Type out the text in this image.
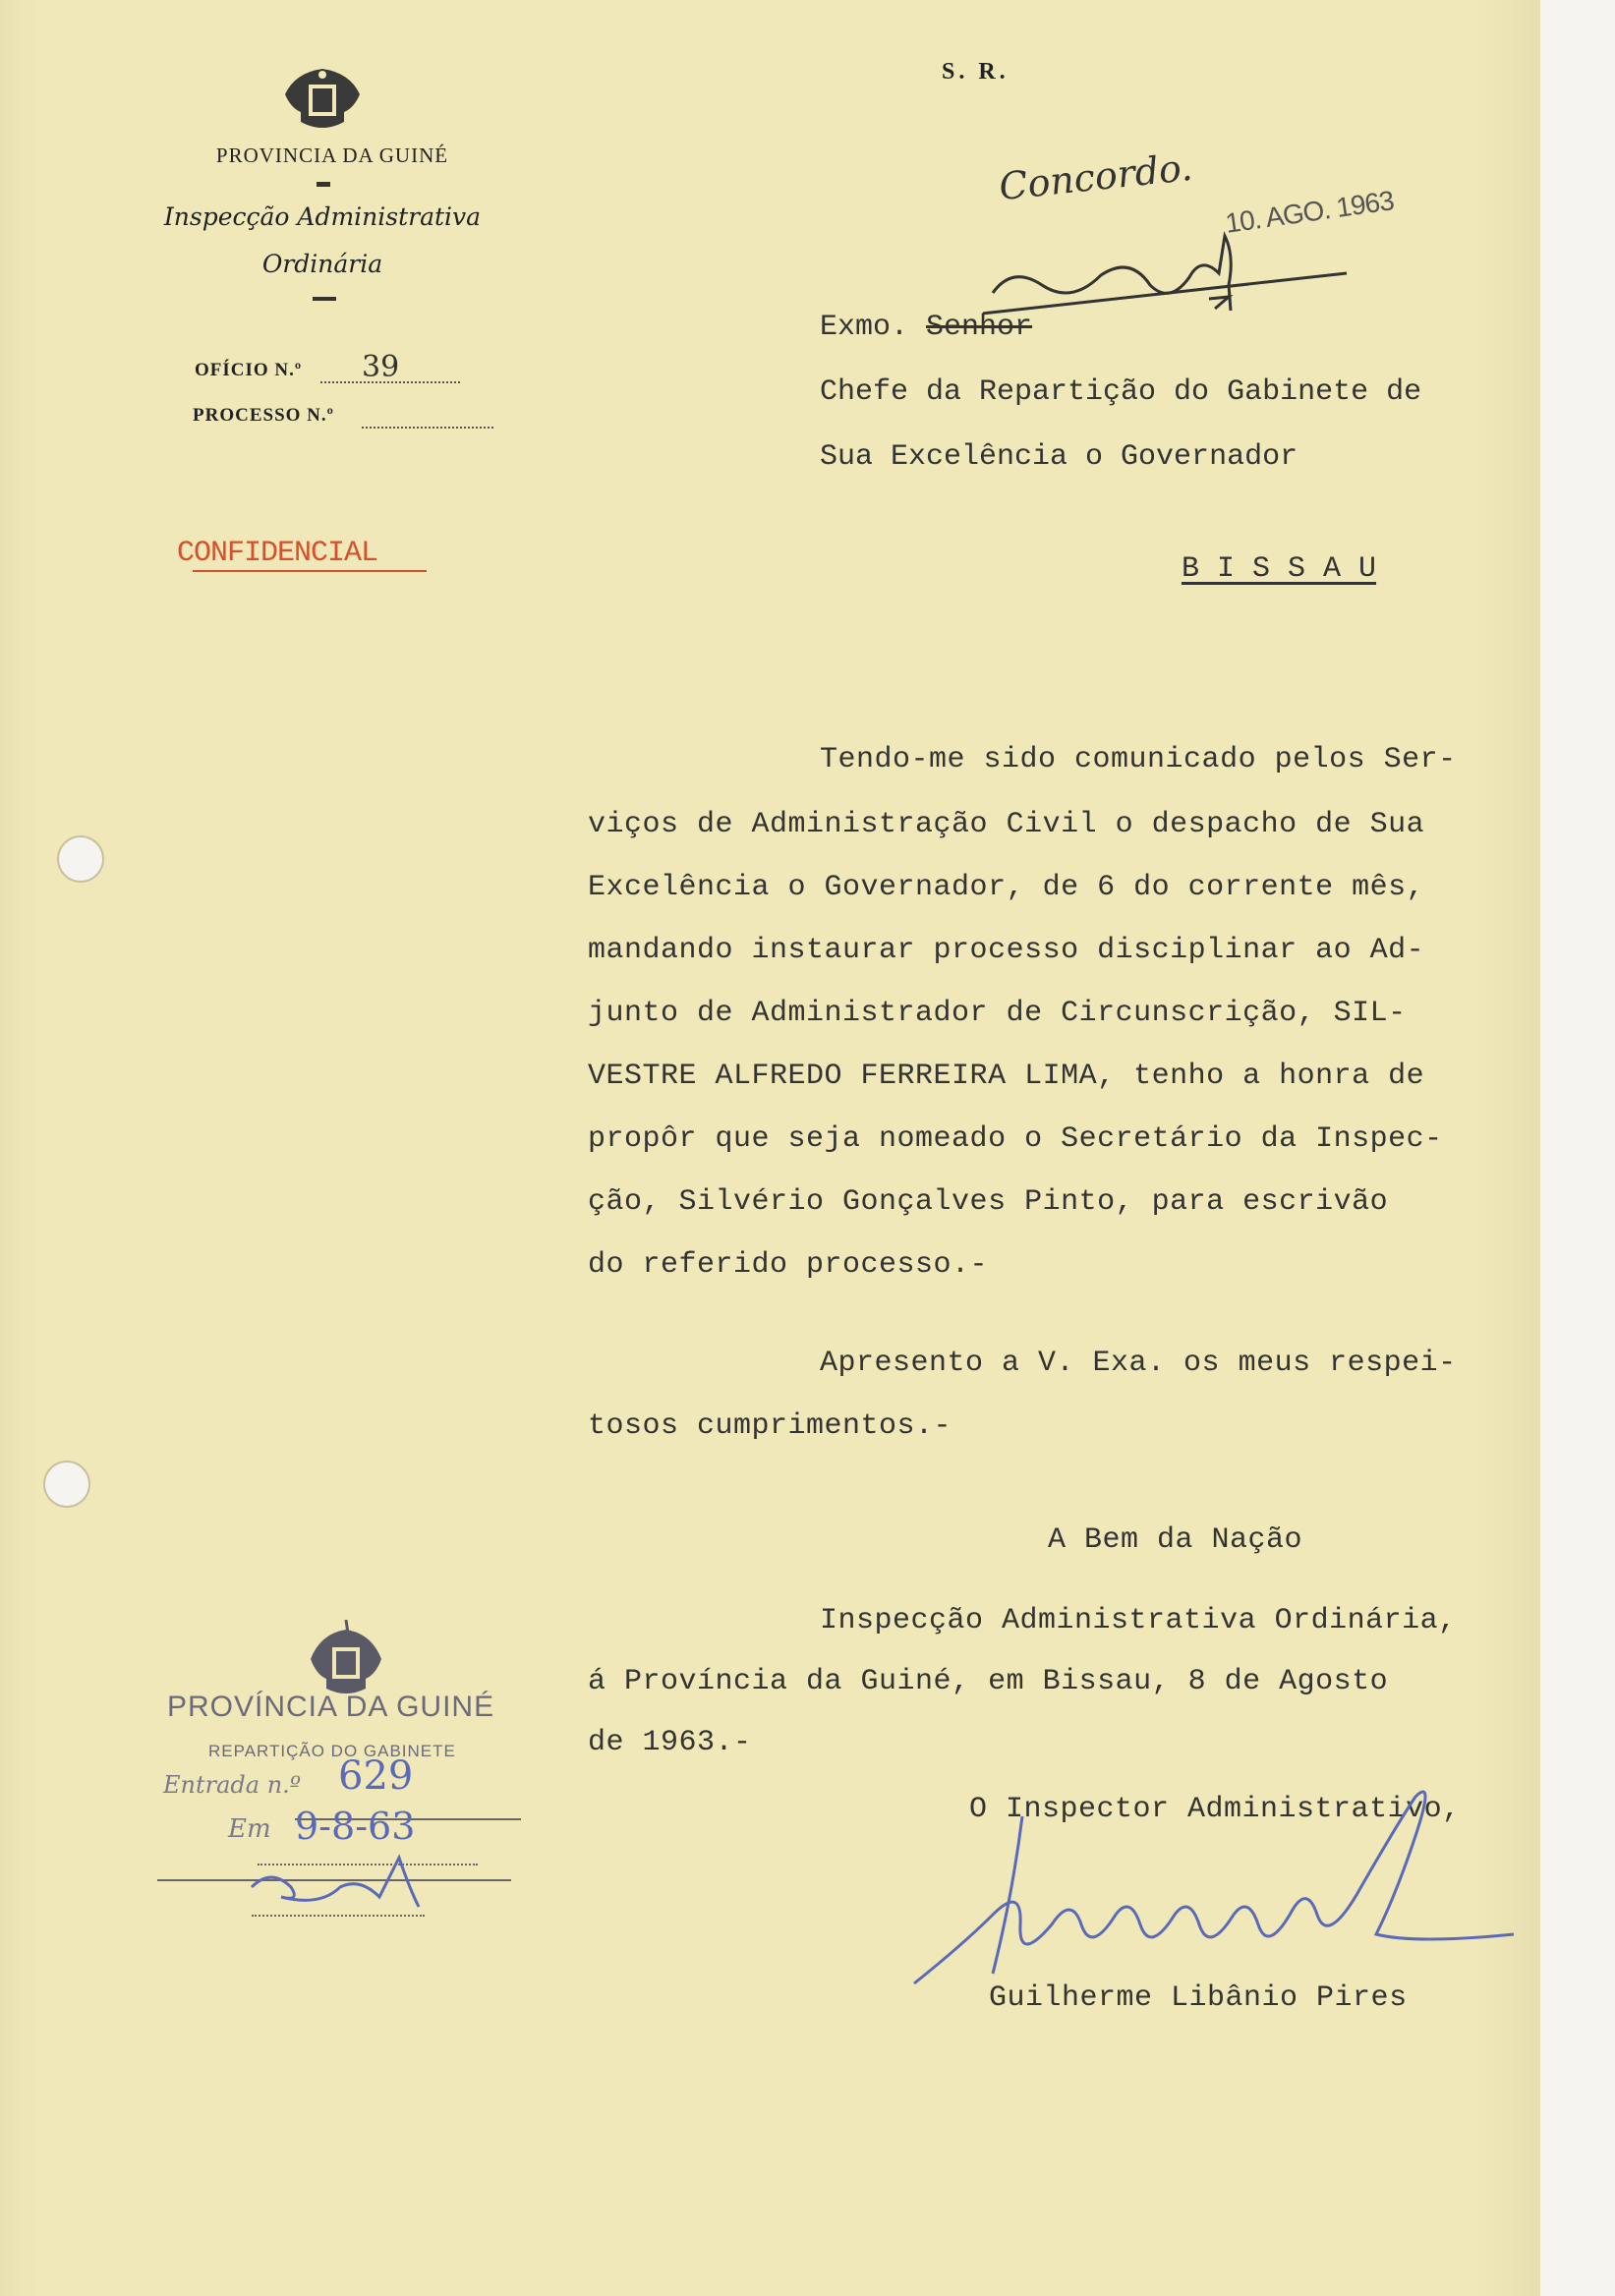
S. R.
PROVINCIA DA GUINÉ
Inspecção Administrativa
Ordinária
OFÍCIO N.º 39
PROCESSO N.º
CONFIDENCIAL
Concordo.
10. AGO. 1963
Exmo. Senhor
Chefe da Repartição do Gabinete de
Sua Excelência o Governador
B I S S A U
Tendo-me sido comunicado pelos Ser-
viços de Administração Civil o despacho de Sua
Excelência o Governador, de 6 do corrente mês,
mandando instaurar processo disciplinar ao Ad-
junto de Administrador de Circunscrição, SIL-
VESTRE ALFREDO FERREIRA LIMA, tenho a honra de
propôr que seja nomeado o Secretário da Inspec-
ção, Silvério Gonçalves Pinto, para escrivão
do referido processo.-
Apresento a V. Exa. os meus respei-
tosos cumprimentos.-
A Bem da Nação
Inspecção Administrativa Ordinária,
á Província da Guiné, em Bissau, 8 de Agosto
de 1963.-
O Inspector Administrativo,
Guilherme Libânio Pires
PROVÍNCIA DA GUINÉ
REPARTIÇÃO DO GABINETE
Entrada n.º 629
Em 9-8-63
